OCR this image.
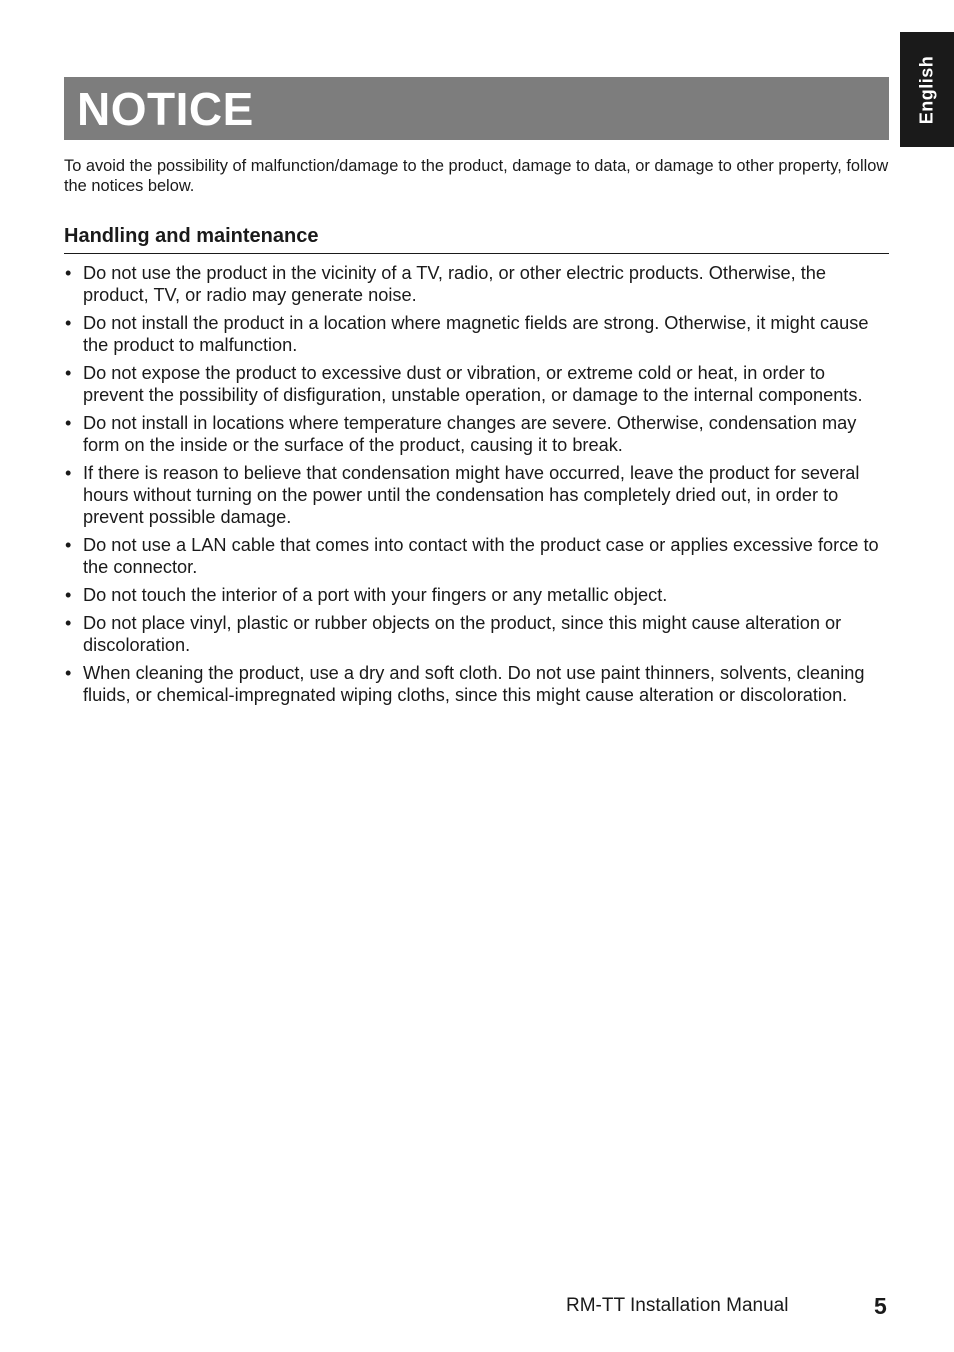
English
NOTICE

To avoid the possibility of malfunction/damage to the product, damage to data, or damage to other property, follow the notices below.

Handling and maintenance
• Do not use the product in the vicinity of a TV, radio, or other electric products. Otherwise, the product, TV, or radio may generate noise.
• Do not install the product in a location where magnetic fields are strong. Otherwise, it might cause the product to malfunction.
• Do not expose the product to excessive dust or vibration, or extreme cold or heat, in order to prevent the possibility of disfiguration, unstable operation, or damage to the internal components.
• Do not install in locations where temperature changes are severe. Otherwise, condensation may form on the inside or the surface of the product, causing it to break.
• If there is reason to believe that condensation might have occurred, leave the product for several hours without turning on the power until the condensation has completely dried out, in order to prevent possible damage.
• Do not use a LAN cable that comes into contact with the product case or applies excessive force to the connector.
• Do not touch the interior of a port with your fingers or any metallic object.
• Do not place vinyl, plastic or rubber objects on the product, since this might cause alteration or discoloration.
• When cleaning the product, use a dry and soft cloth. Do not use paint thinners, solvents, cleaning fluids, or chemical-impregnated wiping cloths, since this might cause alteration or discoloration.
RM-TT Installation Manual	5
